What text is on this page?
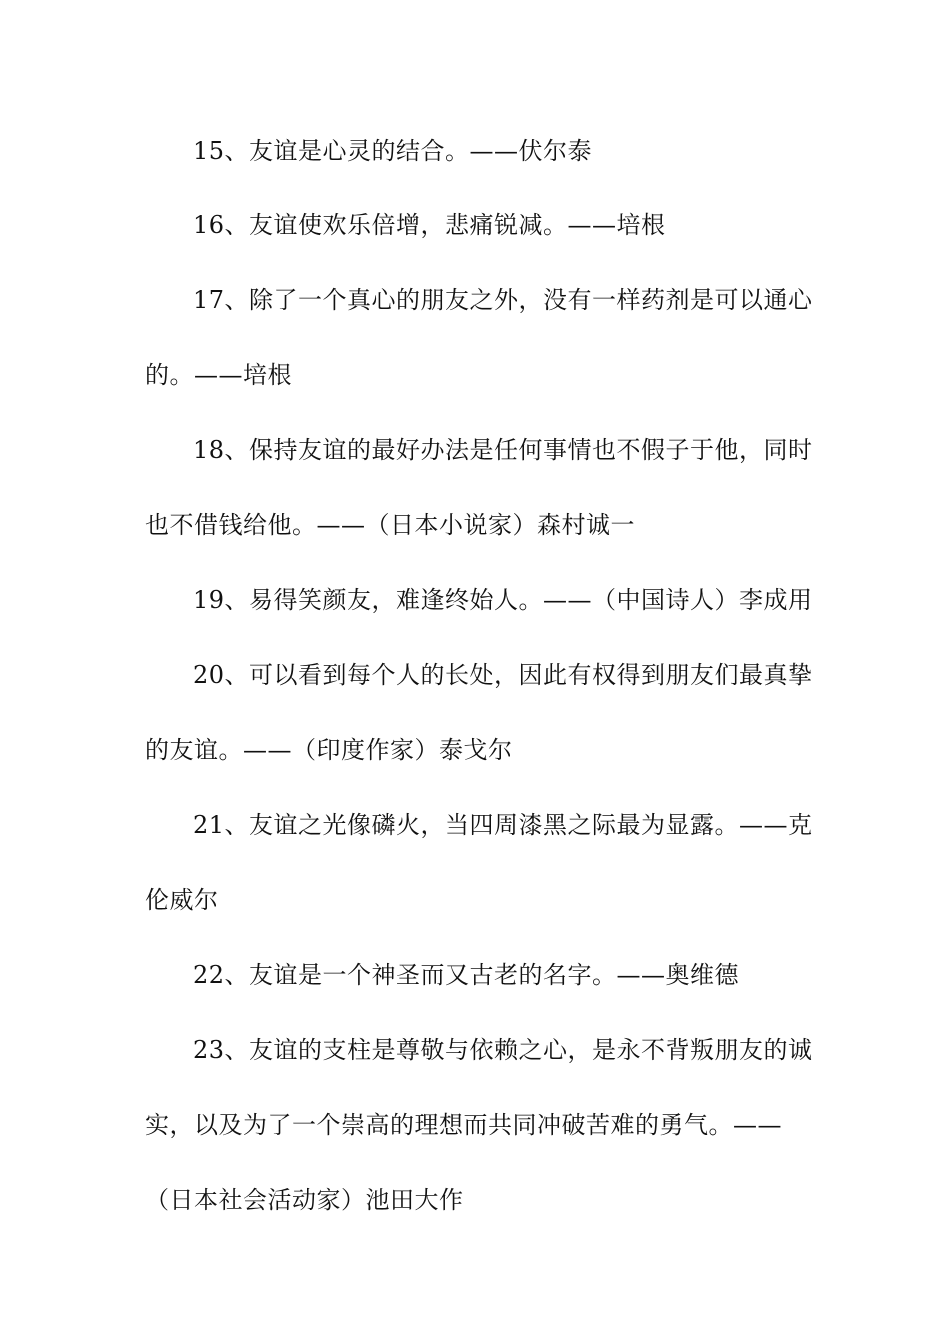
15、友谊是心灵的结合。——伏尔泰
16、友谊使欢乐倍增，悲痛锐减。——培根
17、除了一个真心的朋友之外，没有一样药剂是可以通心
的。——培根
18、保持友谊的最好办法是任何事情也不假子于他，同时
也不借钱给他。——（日本小说家）森村诚一
19、易得笑颜友，难逢终始人。——（中国诗人）李成用
20、可以看到每个人的长处，因此有权得到朋友们最真挚
的友谊。——（印度作家）泰戈尔
21、友谊之光像磷火，当四周漆黑之际最为显露。——克
伦威尔
22、友谊是一个神圣而又古老的名字。——奥维德
23、友谊的支柱是尊敬与依赖之心，是永不背叛朋友的诚
实，以及为了一个崇高的理想而共同冲破苦难的勇气。——
（日本社会活动家）池田大作
